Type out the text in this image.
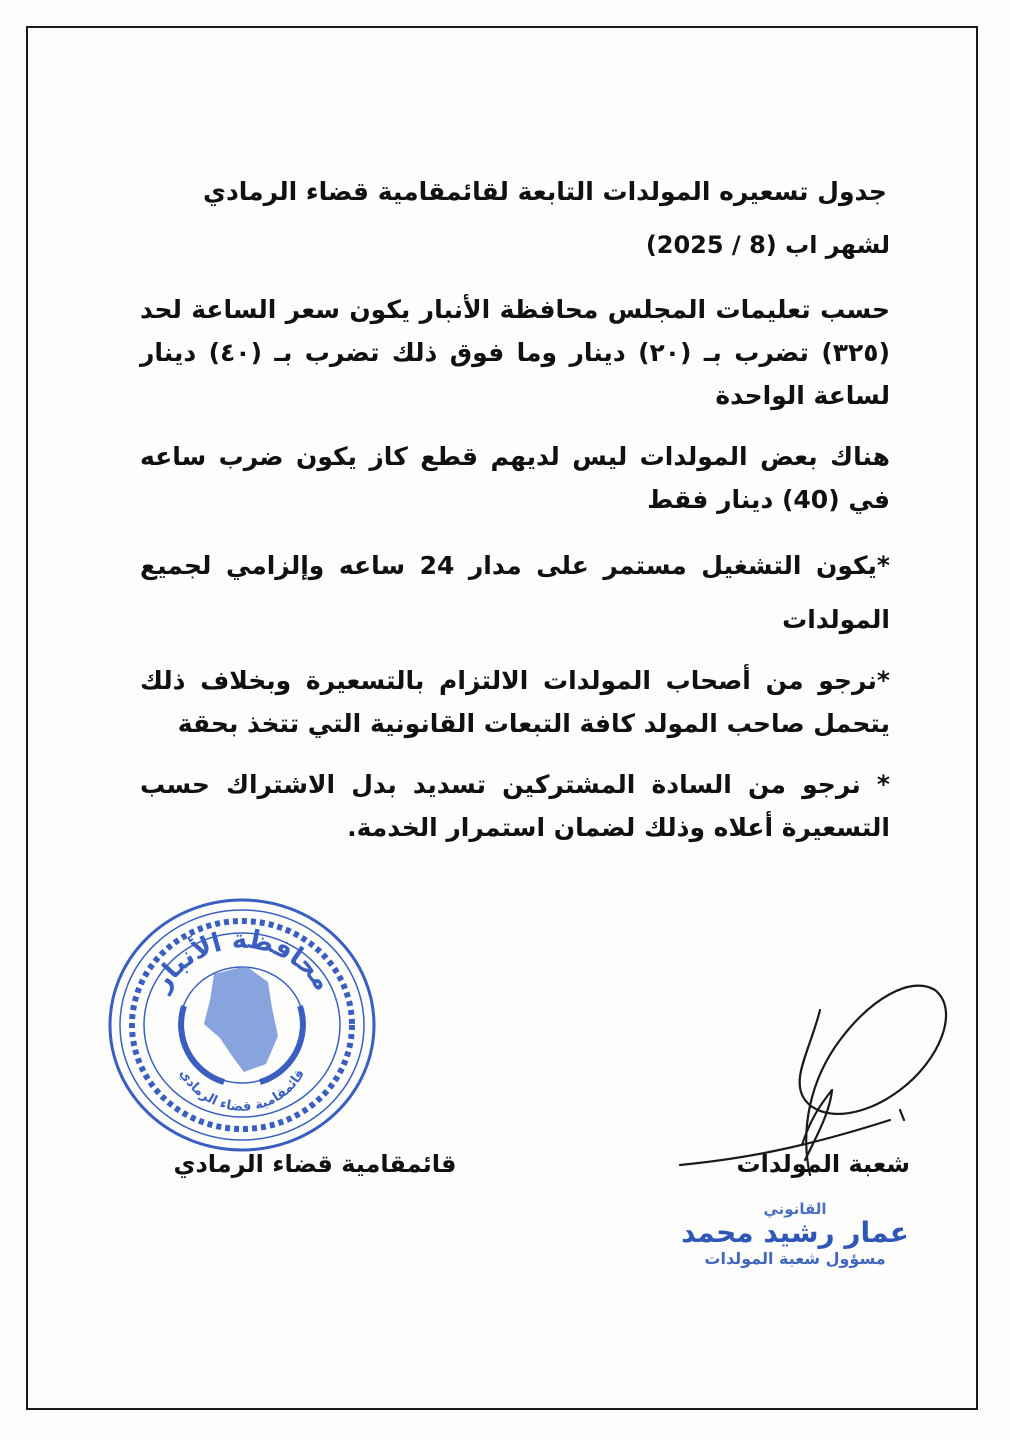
جدول تسعيره المولدات التابعة لقائمقامية قضاء الرمادي

لشهر اب (8 / 2025)

حسب تعليمات المجلس محافظة الأنبار يكون سعر الساعة لحد (٣٢٥) تضرب بـ (٢٠) دينار وما فوق ذلك تضرب بـ (٤٠) دينار لساعة الواحدة

هناك بعض المولدات ليس لديهم قطع كاز يكون ضرب ساعه في (40) دينار فقط

*يكون التشغيل مستمر على مدار 24 ساعه وإلزامي لجميع المولدات

*نرجو من أصحاب المولدات الالتزام بالتسعيرة وبخلاف ذلك يتحمل صاحب المولد كافة التبعات القانونية التي تتخذ بحقة

* نرجو من السادة المشتركين تسديد بدل الاشتراك حسب التسعيرة أعلاه وذلك لضمان استمرار الخدمة.

محافظة الأنبار
قائمقامية قضاء الرمادي
قائمقامية قضاء الرمادي	شعبة المولدات
القانوني
عمار رشيد محمد
مسؤول شعبة المولدات
